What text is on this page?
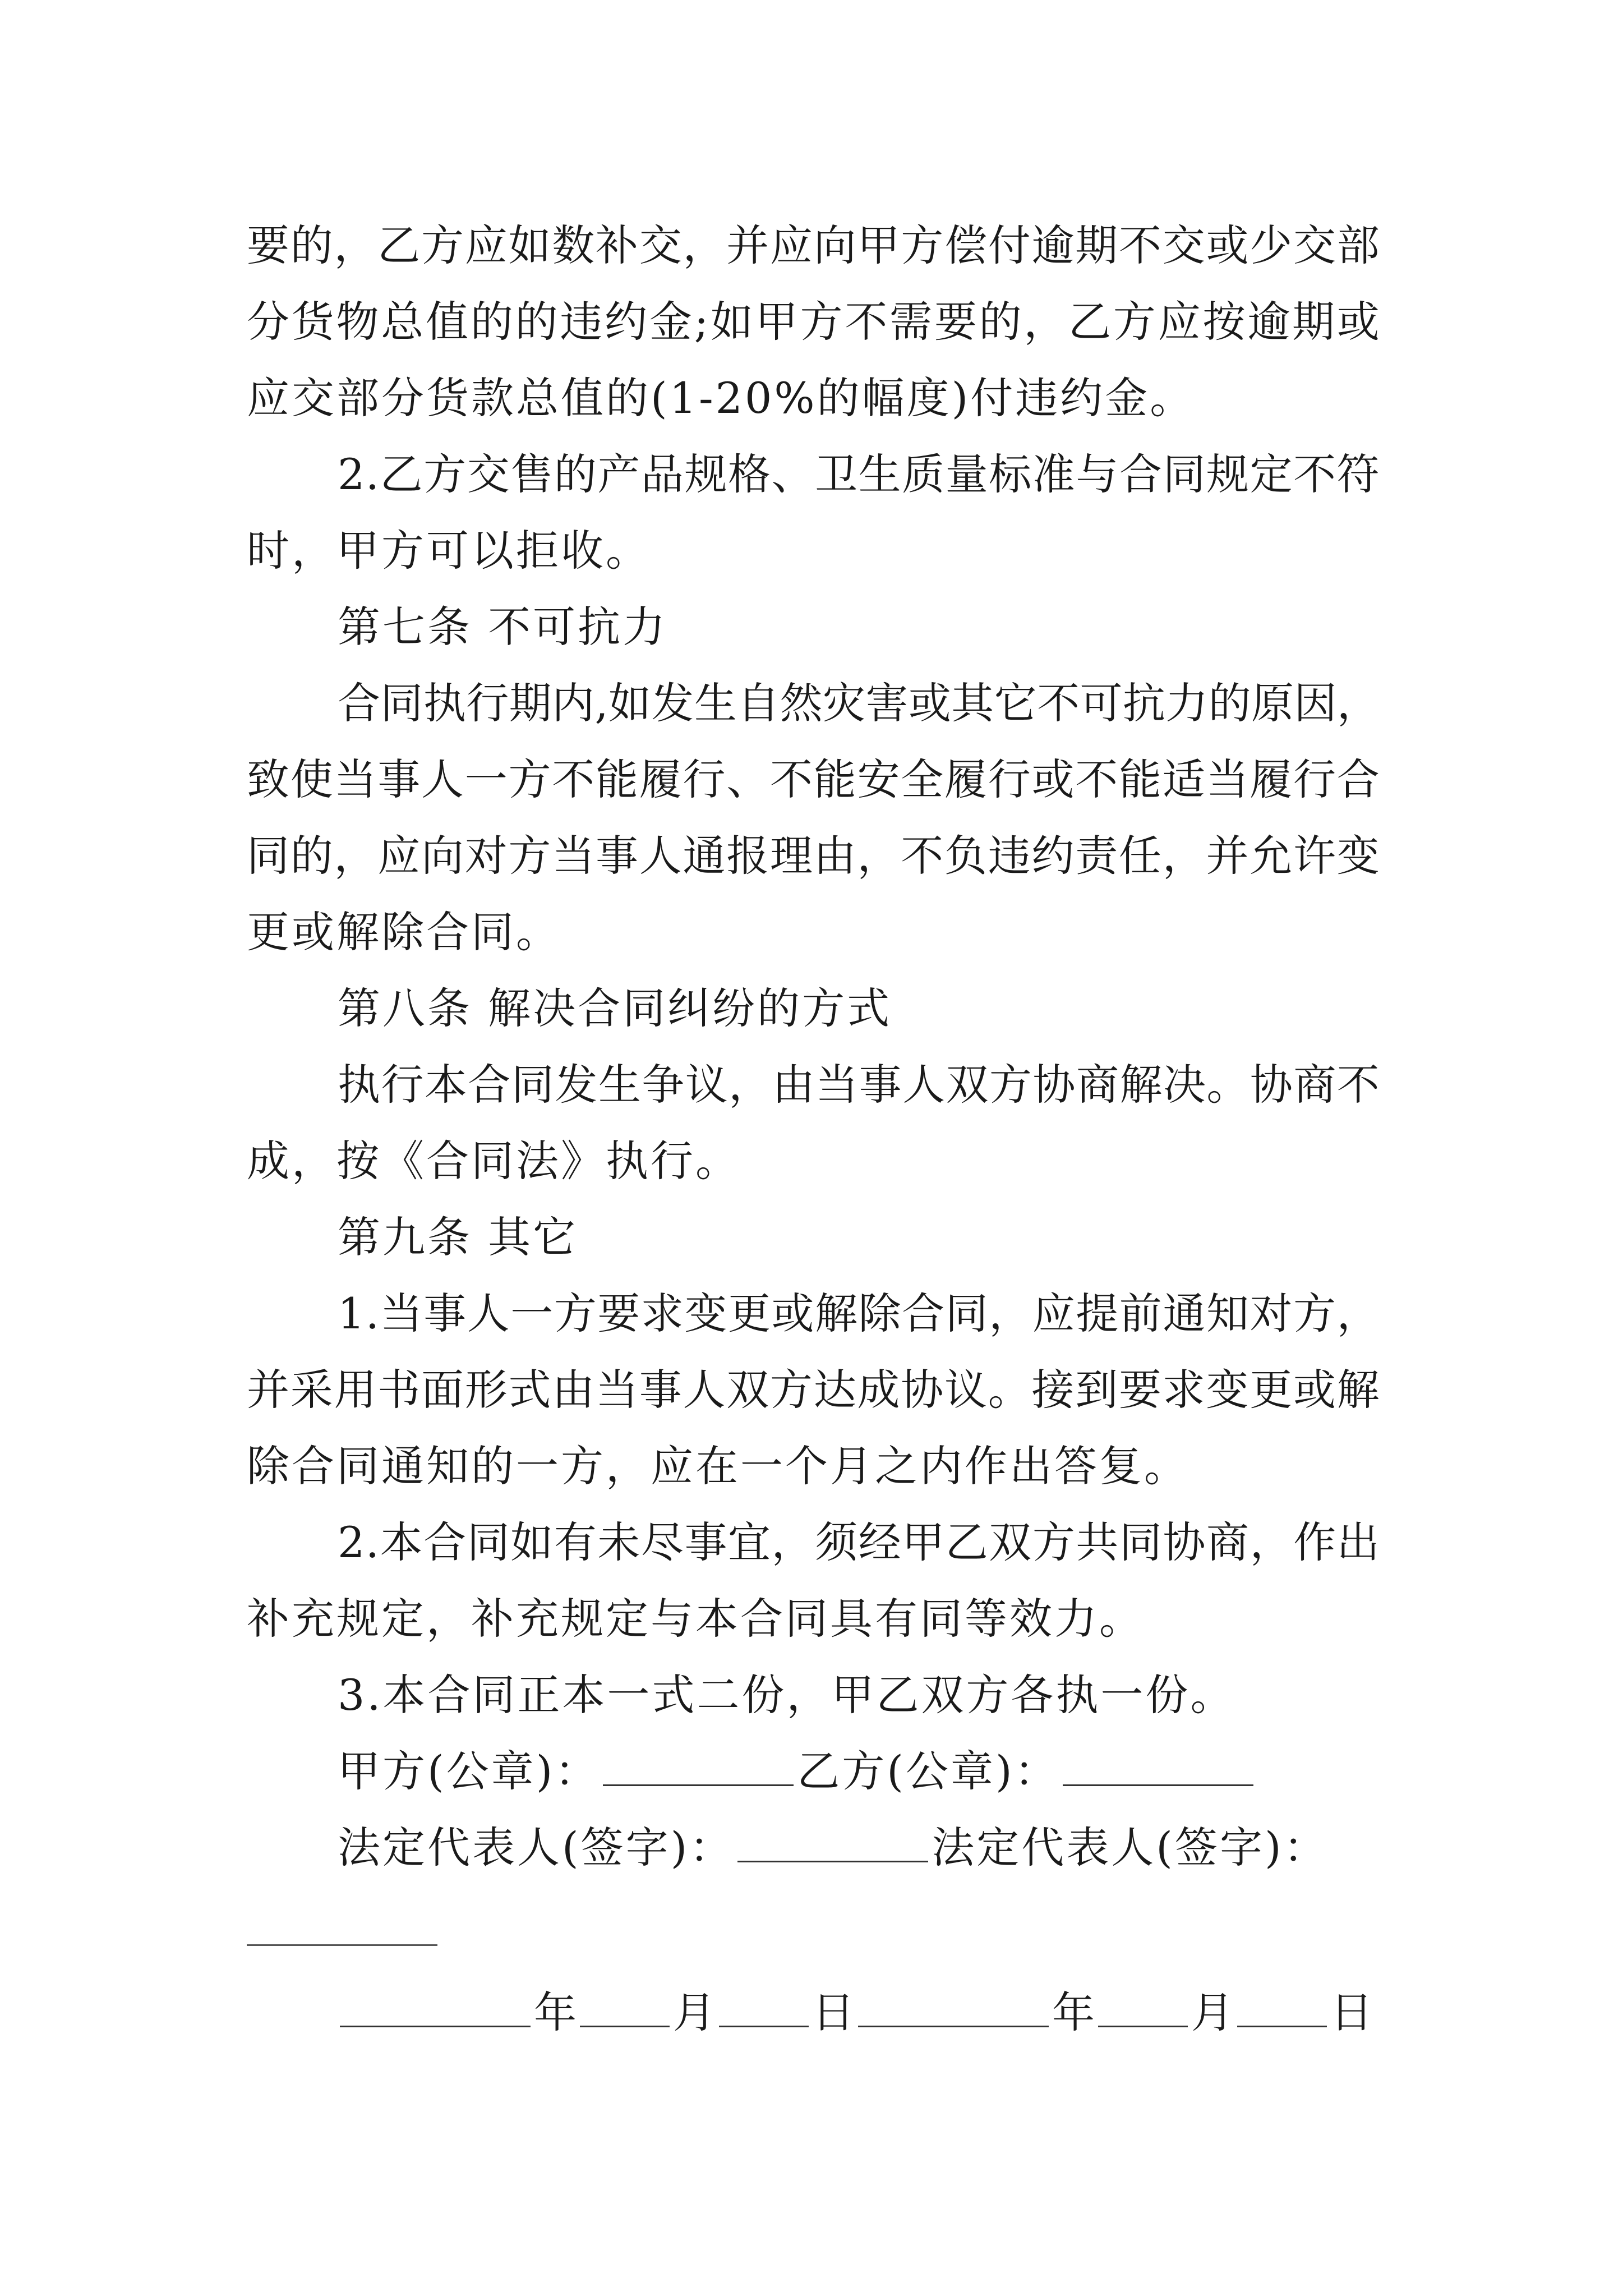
要 的 ， 乙 方 应 如 数 补 交 ， 并 应 向 甲 方 偿 付 逾 期 不 交 或 少 交 部
分 货 物 总 值 的 的 违 约 金 ; 如 甲 方 不 需 要 的 ， 乙 方 应 按 逾 期 或
应交部分货款总值的(1-20%的幅度)付违约金。
2 . 乙 方 交 售 的 产 品 规 格 、 卫 生 质 量 标 准 与 合 同 规 定 不 符
时，甲方可以拒收。
第七条 不可抗力
合 同 执 行 期 内 , 如 发 生 自 然 灾 害 或 其 它 不 可 抗 力 的 原 因 ，
致 使 当 事 人 一 方 不 能 履 行 、 不 能 安 全 履 行 或 不 能 适 当 履 行 合
同 的 ， 应 向 对 方 当 事 人 通 报 理 由 ， 不 负 违 约 责 任 ， 并 允 许 变
更或解除合同。
第八条 解决合同纠纷的方式
执 行 本 合 同 发 生 争 议 ， 由 当 事 人 双 方 协 商 解 决 。 协 商 不
成，按《合同法》执行。
第九条 其它
1 . 当 事 人 一 方 要 求 变 更 或 解 除 合 同 ， 应 提 前 通 知 对 方 ，
并 采 用 书 面 形 式 由 当 事 人 双 方 达 成 协 议 。 接 到 要 求 变 更 或 解
除合同通知的一方，应在一个月之内作出答复。
2 . 本 合 同 如 有 未 尽 事 宜 ， 须 经 甲 乙 双 方 共 同 协 商 ， 作 出
补充规定，补充规定与本合同具有同等效力。
3.本合同正本一式二份，甲乙双方各执一份。
甲方(公章)：	乙方(公章)：
法定代表人(签字)：	法定代表人(签字)：
年 月 日	年 月 日
